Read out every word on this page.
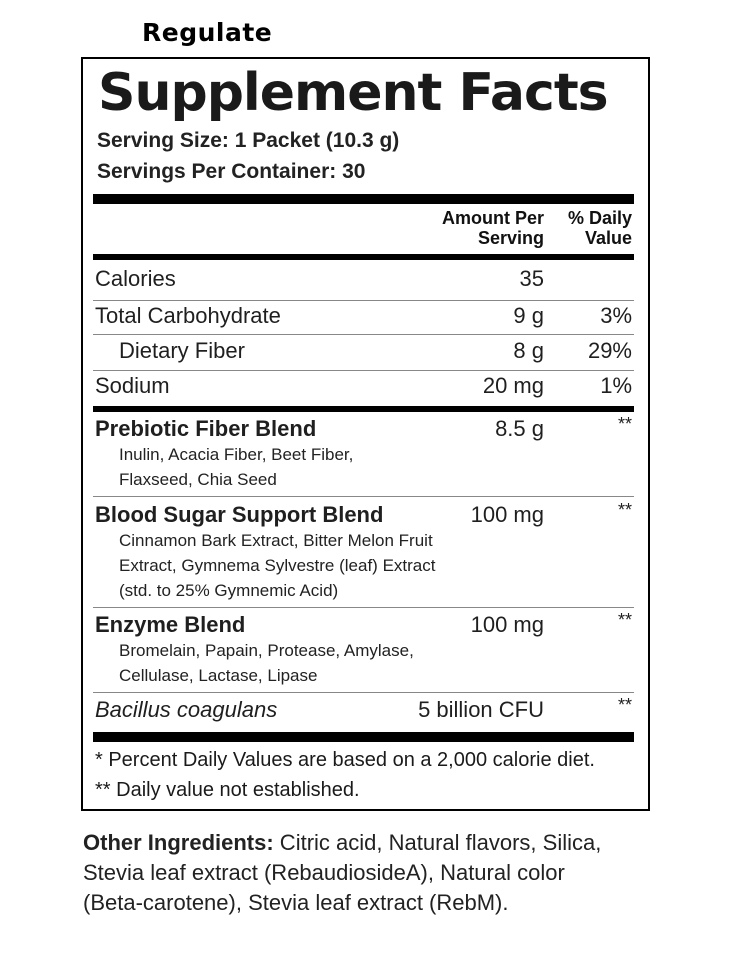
Regulate
Supplement Facts
Serving Size: 1 Packet (10.3 g)
Servings Per Container: 30
Amount Per
Serving
% Daily
Value
Calories	35
Total Carbohydrate	9 g	3%
Dietary Fiber	8 g 29%
Sodium	20 mg	1%
Prebiotic Fiber Blend	8.5 g	**
Inulin, Acacia Fiber, Beet Fiber, Flaxseed, Chia Seed
Blood Sugar Support Blend	100 mg	**
Cinnamon Bark Extract, Bitter Melon Fruit Extract, Gymnema Sylvestre (leaf) Extract (std. to 25% Gymnemic Acid)
Enzyme Blend	100 mg	**
Bromelain, Papain, Protease, Amylase, Cellulase, Lactase, Lipase
Bacillus coagulans	5 billion CFU	**
* Percent Daily Values are based on a 2,000 calorie diet.
** Daily value not established.
Other Ingredients: Citric acid, Natural flavors, Silica, Stevia leaf extract (RebaudiosideA), Natural color (Beta-carotene), Stevia leaf extract (RebM).
